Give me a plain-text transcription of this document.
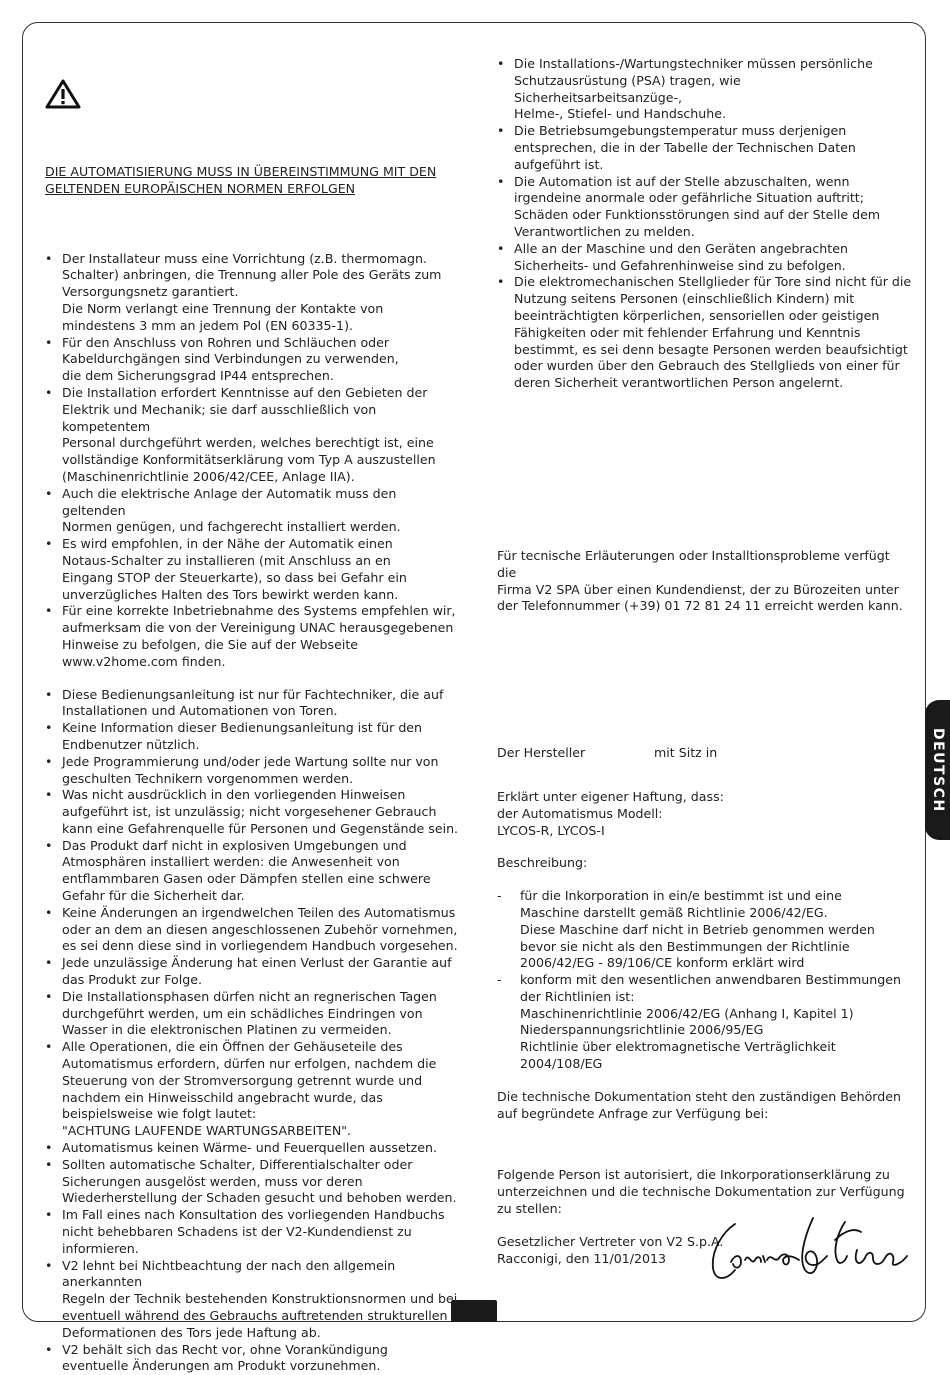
DEUTSCH
DIE AUTOMATISIERUNG MUSS IN ÜBEREINSTIMMUNG MIT DEN
GELTENDEN EUROPÄISCHEN NORMEN ERFOLGEN
• Der Installateur muss eine Vorrichtung (z.B. thermomagn.
Schalter) anbringen, die Trennung aller Pole des Geräts zum
Versorgungsnetz garantiert.
Die Norm verlangt eine Trennung der Kontakte von
mindestens 3 mm an jedem Pol (EN 60335-1).
• Für den Anschluss von Rohren und Schläuchen oder
Kabeldurchgängen sind Verbindungen zu verwenden,
die dem Sicherungsgrad IP44 entsprechen.
• Die Installation erfordert Kenntnisse auf den Gebieten der
Elektrik und Mechanik; sie darf ausschließlich von kompetentem
Personal durchgeführt werden, welches berechtigt ist, eine
vollständige Konformitätserklärung vom Typ A auszustellen
(Maschinenrichtlinie 2006/42/CEE, Anlage IIA).
• Auch die elektrische Anlage der Automatik muss den geltenden
Normen genügen, und fachgerecht installiert werden.
• Es wird empfohlen, in der Nähe der Automatik einen
Notaus-Schalter zu installieren (mit Anschluss an en
Eingang STOP der Steuerkarte), so dass bei Gefahr ein
unverzügliches Halten des Tors bewirkt werden kann.
• Für eine korrekte Inbetriebnahme des Systems empfehlen wir,
aufmerksam die von der Vereinigung UNAC herausgegebenen
Hinweise zu befolgen, die Sie auf der Webseite
www.v2home.com finden.
• Diese Bedienungsanleitung ist nur für Fachtechniker, die auf
Installationen und Automationen von Toren.
• Keine Information dieser Bedienungsanleitung ist für den
Endbenutzer nützlich.
• Jede Programmierung und/oder jede Wartung sollte nur von
geschulten Technikern vorgenommen werden.
• Was nicht ausdrücklich in den vorliegenden Hinweisen
aufgeführt ist, ist unzulässig; nicht vorgesehener Gebrauch
kann eine Gefahrenquelle für Personen und Gegenstände sein.
• Das Produkt darf nicht in explosiven Umgebungen und
Atmosphären installiert werden: die Anwesenheit von
entflammbaren Gasen oder Dämpfen stellen eine schwere
Gefahr für die Sicherheit dar.
• Keine Änderungen an irgendwelchen Teilen des Automatismus
oder an dem an diesen angeschlossenen Zubehör vornehmen,
es sei denn diese sind in vorliegendem Handbuch vorgesehen.
• Jede unzulässige Änderung hat einen Verlust der Garantie auf
das Produkt zur Folge.
• Die Installationsphasen dürfen nicht an regnerischen Tagen
durchgeführt werden, um ein schädliches Eindringen von
Wasser in die elektronischen Platinen zu vermeiden.
• Alle Operationen, die ein Öffnen der Gehäuseteile des
Automatismus erfordern, dürfen nur erfolgen, nachdem die
Steuerung von der Stromversorgung getrennt wurde und
nachdem ein Hinweisschild angebracht wurde, das
beispielsweise wie folgt lautet:
"ACHTUNG LAUFENDE WARTUNGSARBEITEN".
• Automatismus keinen Wärme- und Feuerquellen aussetzen.
• Sollten automatische Schalter, Differentialschalter oder
Sicherungen ausgelöst werden, muss vor deren
Wiederherstellung der Schaden gesucht und behoben werden.
• Im Fall eines nach Konsultation des vorliegenden Handbuchs
nicht behebbaren Schadens ist der V2-Kundendienst zu
informieren.
• V2 lehnt bei Nichtbeachtung der nach den allgemein anerkannten
Regeln der Technik bestehenden Konstruktionsnormen und bei
eventuell während des Gebrauchs auftretenden strukturellen
Deformationen des Tors jede Haftung ab.
• V2 behält sich das Recht vor, ohne Vorankündigung
eventuelle Änderungen am Produkt vorzunehmen.
• Die Installations-/Wartungstechniker müssen persönliche
Schutzausrüstung (PSA) tragen, wie Sicherheitsarbeitsanzüge-,
Helme-, Stiefel- und Handschuhe.
• Die Betriebsumgebungstemperatur muss derjenigen
entsprechen, die in der Tabelle der Technischen Daten
aufgeführt ist.
• Die Automation ist auf der Stelle abzuschalten, wenn
irgendeine anormale oder gefährliche Situation auftritt;
Schäden oder Funktionsstörungen sind auf der Stelle dem
Verantwortlichen zu melden.
• Alle an der Maschine und den Geräten angebrachten
Sicherheits- und Gefahrenhinweise sind zu befolgen.
• Die elektromechanischen Stellglieder für Tore sind nicht für die
Nutzung seitens Personen (einschließlich Kindern) mit
beeinträchtigten körperlichen, sensoriellen oder geistigen
Fähigkeiten oder mit fehlender Erfahrung und Kenntnis
bestimmt, es sei denn besagte Personen werden beaufsichtigt
oder wurden über den Gebrauch des Stellglieds von einer für
deren Sicherheit verantwortlichen Person angelernt.
Für tecnische Erläuterungen oder Installtionsprobleme verfügt die
Firma V2 SPA über einen Kundendienst, der zu Bürozeiten unter
der Telefonnummer (+39) 01 72 81 24 11 erreicht werden kann.
Der Hersteller	mit Sitz in
Erklärt unter eigener Haftung, dass:
der Automatismus Modell:
LYCOS-R, LYCOS-I
Beschreibung:
- für die Inkorporation in ein/e bestimmt ist und eine
Maschine darstellt gemäß Richtlinie 2006/42/EG.
Diese Maschine darf nicht in Betrieb genommen werden
bevor sie nicht als den Bestimmungen der Richtlinie
2006/42/EG - 89/106/CE konform erklärt wird
- konform mit den wesentlichen anwendbaren Bestimmungen
der Richtlinien ist:
Maschinenrichtlinie 2006/42/EG (Anhang I, Kapitel 1)
Niederspannungsrichtlinie 2006/95/EG
Richtlinie über elektromagnetische Verträglichkeit 2004/108/EG
Die technische Dokumentation steht den zuständigen Behörden
auf begründete Anfrage zur Verfügung bei:
Folgende Person ist autorisiert, die Inkorporationserklärung zu
unterzeichnen und die technische Dokumentation zur Verfügung
zu stellen:
Gesetzlicher Vertreter von V2 S.p.A.
Racconigi, den 11/01/2013
